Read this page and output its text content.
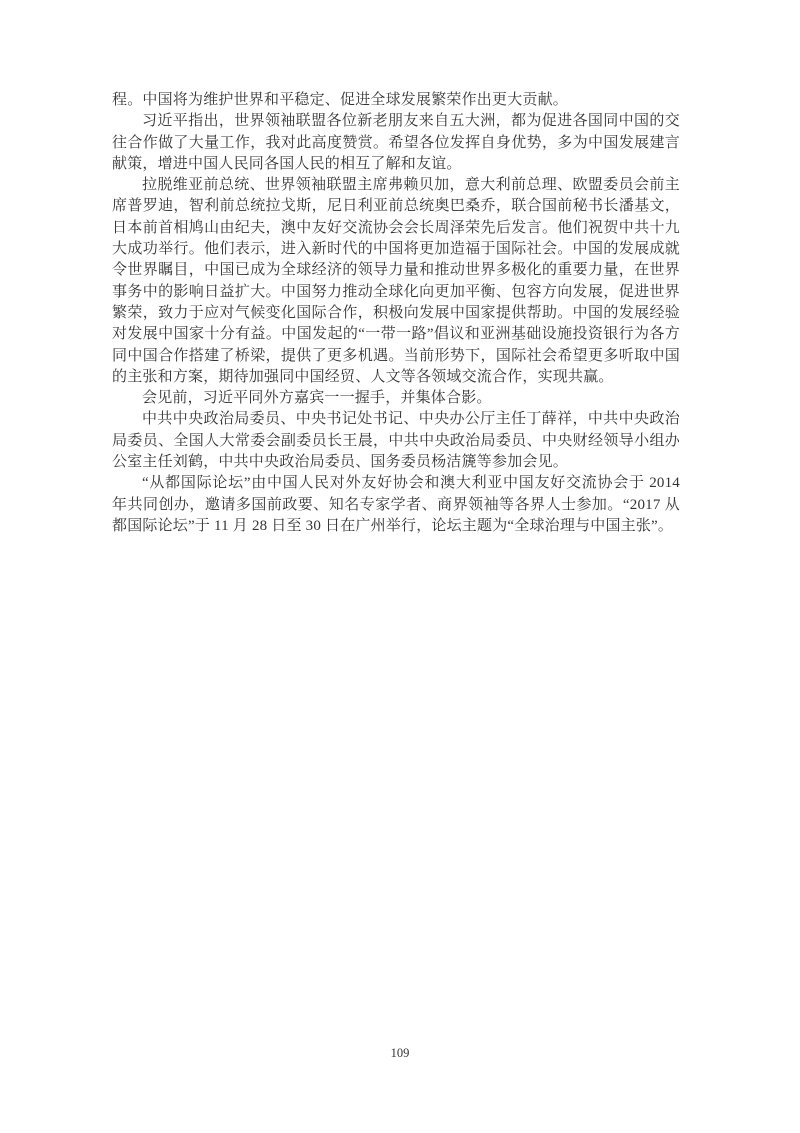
程。中国将为维护世界和平稳定、促进全球发展繁荣作出更大贡献。

习近平指出，世界领袖联盟各位新老朋友来自五大洲，都为促进各国同中国的交往合作做了大量工作，我对此高度赞赏。希望各位发挥自身优势，多为中国发展建言献策，增进中国人民同各国人民的相互了解和友谊。

拉脱维亚前总统、世界领袖联盟主席弗赖贝加，意大利前总理、欧盟委员会前主席普罗迪，智利前总统拉戈斯，尼日利亚前总统奥巴桑乔，联合国前秘书长潘基文，日本前首相鸠山由纪夫，澳中友好交流协会会长周泽荣先后发言。他们祝贺中共十九大成功举行。他们表示，进入新时代的中国将更加造福于国际社会。中国的发展成就令世界瞩目，中国已成为全球经济的领导力量和推动世界多极化的重要力量，在世界事务中的影响日益扩大。中国努力推动全球化向更加平衡、包容方向发展，促进世界繁荣，致力于应对气候变化国际合作，积极向发展中国家提供帮助。中国的发展经验对发展中国家十分有益。中国发起的“一带一路”倡议和亚洲基础设施投资银行为各方同中国合作搭建了桥梁，提供了更多机遇。当前形势下，国际社会希望更多听取中国的主张和方案，期待加强同中国经贸、人文等各领域交流合作，实现共赢。

会见前，习近平同外方嘉宾一一握手，并集体合影。

中共中央政治局委员、中央书记处书记、中央办公厅主任丁薛祥，中共中央政治局委员、全国人大常委会副委员长王晨，中共中央政治局委员、中央财经领导小组办公室主任刘鹤，中共中央政治局委员、国务委员杨洁篪等参加会见。

“从都国际论坛”由中国人民对外友好协会和澳大利亚中国友好交流协会于 2014 年共同创办，邀请多国前政要、知名专家学者、商界领袖等各界人士参加。“2017 从都国际论坛”于 11 月 28 日至 30 日在广州举行，论坛主题为“全球治理与中国主张”。

109
